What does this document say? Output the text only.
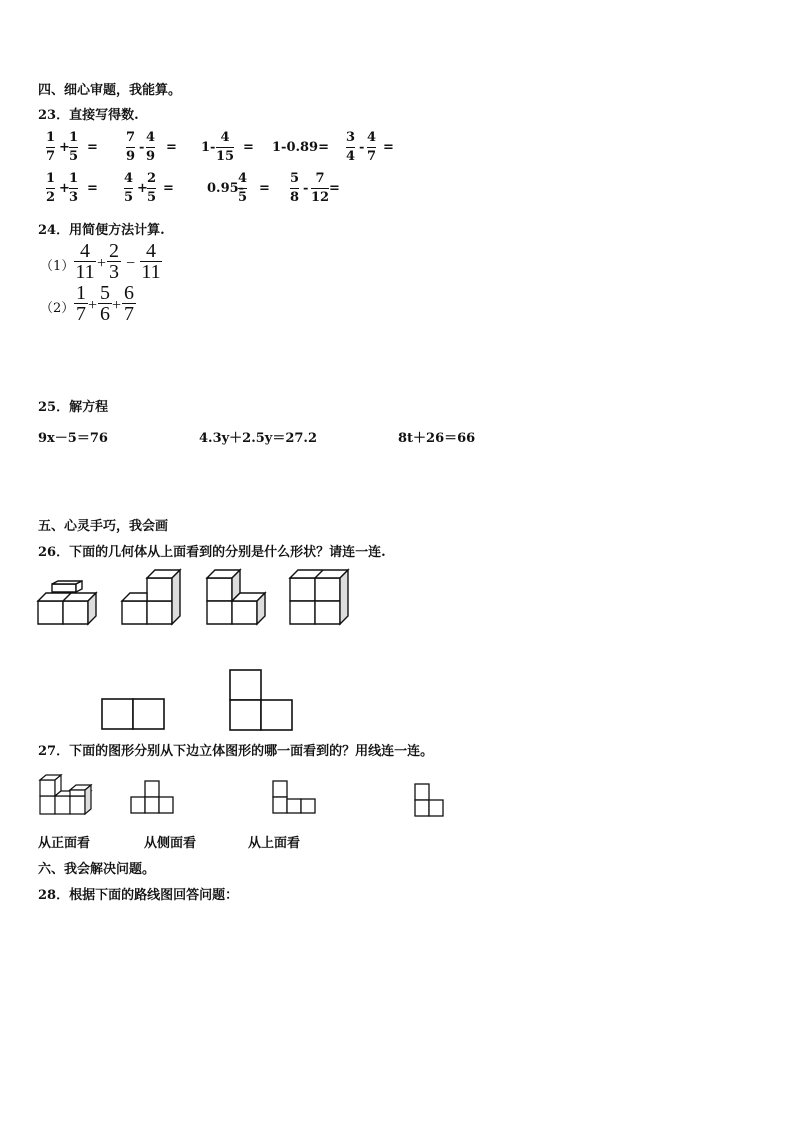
四、细心审题，我能算。
23．直接写得数.
1
7
+
1
5
=
7
9
-
4
9
= 1-
4
15
= 1-0.89=
3
4
-
4
7
=
1
2
+
1
3
=
4
5
+
2
5
=	0.95-
4
5
=
5
8
-
7
12
=
24．用简便方法计算.
（1）
4
11 +
2
3 −
4
11
（2）
1
7 +
5
6 +
6
7
25．解方程
9x－5＝76	4.3y＋2.5y＝27.2	8t＋26＝66
五、心灵手巧，我会画
26．下面的几何体从上面看到的分别是什么形状？请连一连.
27．下面的图形分别从下边立体图形的哪一面看到的？用线连一连。
从正面看	从侧面看	从上面看
六、我会解决问题。
28．根据下面的路线图回答问题：
